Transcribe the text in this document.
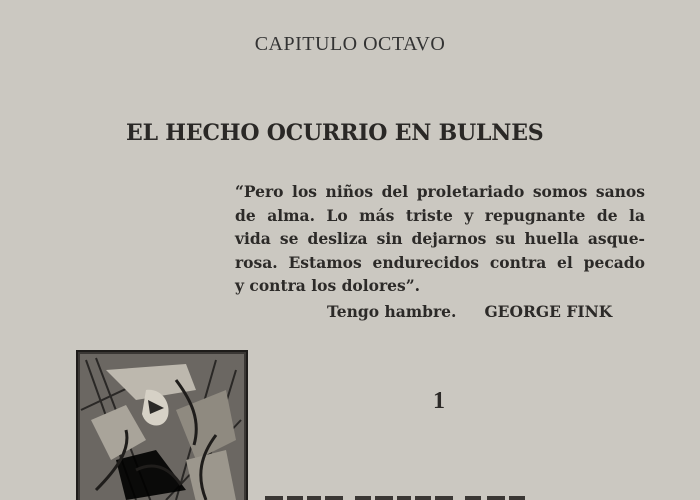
CAPITULO OCTAVO
EL HECHO OCURRIO EN BULNES
“Pero los niños del proletariado somos sanos
de alma. Lo más triste y repugnante de la
vida se desliza sin dejarnos su huella asque-
rosa. Estamos endurecidos contra el pecado
y contra los dolores”.
Tengo hambre. GEORGE FINK
1
